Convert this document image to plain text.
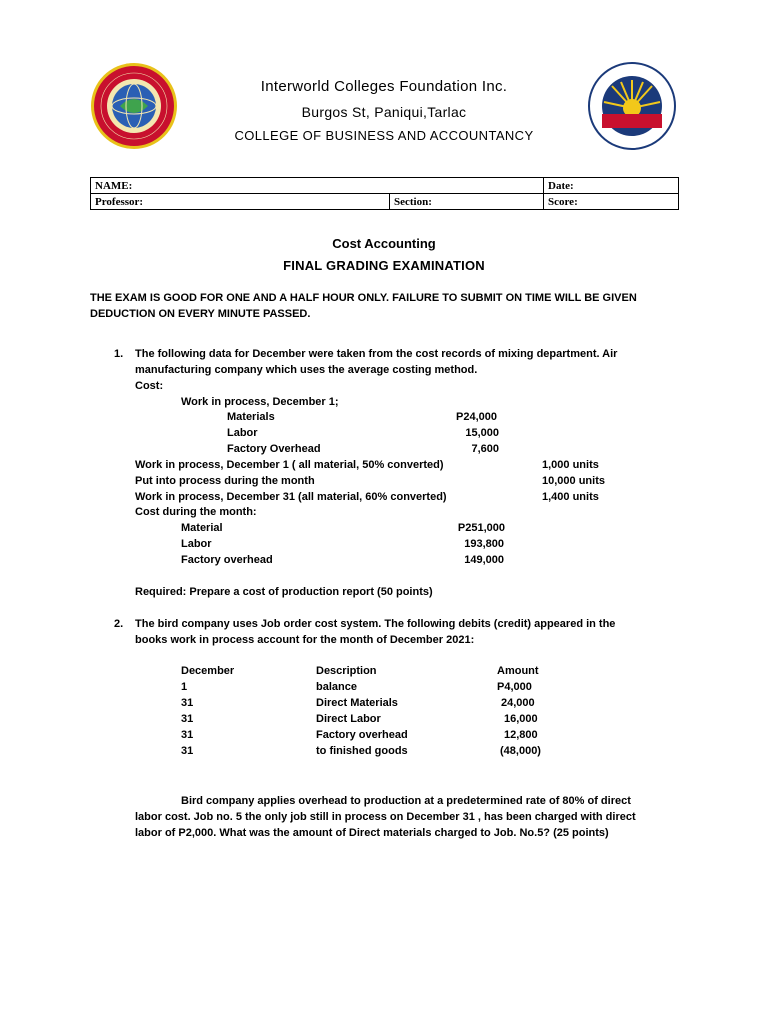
Interworld Colleges Foundation Inc.
Burgos St, Paniqui,Tarlac
COLLEGE OF BUSINESS AND ACCOUNTANCY
NAME:		Date:
Professor:	Section:	Score:
Cost Accounting
FINAL GRADING EXAMINATION
THE EXAM IS GOOD FOR ONE AND A HALF HOUR ONLY. FAILURE TO SUBMIT ON TIME WILL BE GIVEN
DEDUCTION ON EVERY MINUTE PASSED.
1. The following data for December were taken from the cost records of mixing department. Air
manufacturing company which uses the average costing method.
Cost:
Work in process, December 1;
Materials	P24,000
Labor	15,000
Factory Overhead	7,600
Work in process, December 1 ( all material, 50% converted)	1,000 units
Put into process during the month	10,000 units
Work in process, December 31 (all material, 60% converted)	1,400 units
Cost during the month:
Material	P251,000
Labor	193,800
Factory overhead	149,000
Required: Prepare a cost of production report (50 points)
2. The bird company uses Job order cost system. The following debits (credit) appeared in the
books work in process account for the month of December 2021:
December	Description	Amount
1	balance	P4,000
31	Direct Materials	24,000
31	Direct Labor	16,000
31	Factory overhead	12,800
31	to finished goods	(48,000)
Bird company applies overhead to production at a predetermined rate of 80% of direct
labor cost. Job no. 5 the only job still in process on December 31 , has been charged with direct
labor of P2,000. What was the amount of Direct materials charged to Job. No.5? (25 points)
